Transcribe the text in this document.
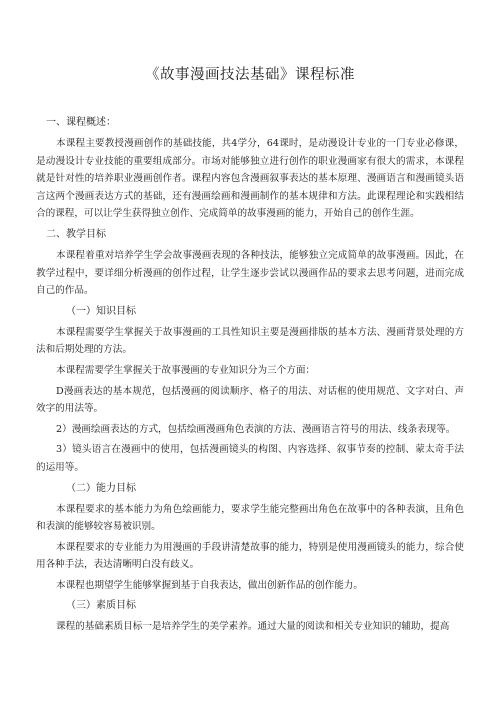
《故事漫画技法基础》课程标准

一、课程概述：

本课程主要教授漫画创作的基础技能，共4学分，64课时，是动漫设计专业的一门专业必修课，是动漫设计专业技能的重要组成部分。市场对能够独立进行创作的职业漫画家有很大的需求，本课程就是针对性的培养职业漫画创作者。课程内容包含漫画叙事表达的基本原理、漫画语言和漫画镜头语言这两个漫画表达方式的基础，还有漫画绘画和漫画制作的基本规律和方法。此课程理论和实践相结合的课程，可以让学生获得独立创作、完成简单的故事漫画的能力，开始自己的创作生涯。

二、教学目标

本课程着重对培养学生学会故事漫画表现的各种技法，能够独立完成简单的故事漫画。因此，在教学过程中，要详细分析漫画的创作过程，让学生逐步尝试以漫画作品的要求去思考问题，进而完成自己的作品。

（一）知识目标

本课程需要学生掌握关于故事漫画的工具性知识主要是漫画排版的基本方法、漫画背景处理的方法和后期处理的方法。

本课程需要学生掌握关于故事漫画的专业知识分为三个方面：

D漫画表达的基本规范，包括漫画的阅读顺序、格子的用法、对话框的使用规范、文字对白、声效字的用法等。

2）漫画绘画表达的方式，包括绘画漫画角色表演的方法、漫画语言符号的用法、线条表现等。

3）镜头语言在漫画中的使用，包括漫画镜头的构图、内容选择、叙事节奏的控制、蒙太奇手法的运用等。

（二）能力目标

本课程要求的基本能力为角色绘画能力，要求学生能完整画出角色在故事中的各种表演，且角色和表演的能够较容易被识别。

本课程要求的专业能力为用漫画的手段讲清楚故事的能力，特别是使用漫画镜头的能力，综合使用各种手法，表达清晰明白没有歧义。

本课程也期望学生能够掌握到基于自我表达，做出创新作品的创作能力。

（三）素质目标

课程的基础素质目标一是培养学生的美学素养。通过大量的阅读和相关专业知识的辅助，提高
